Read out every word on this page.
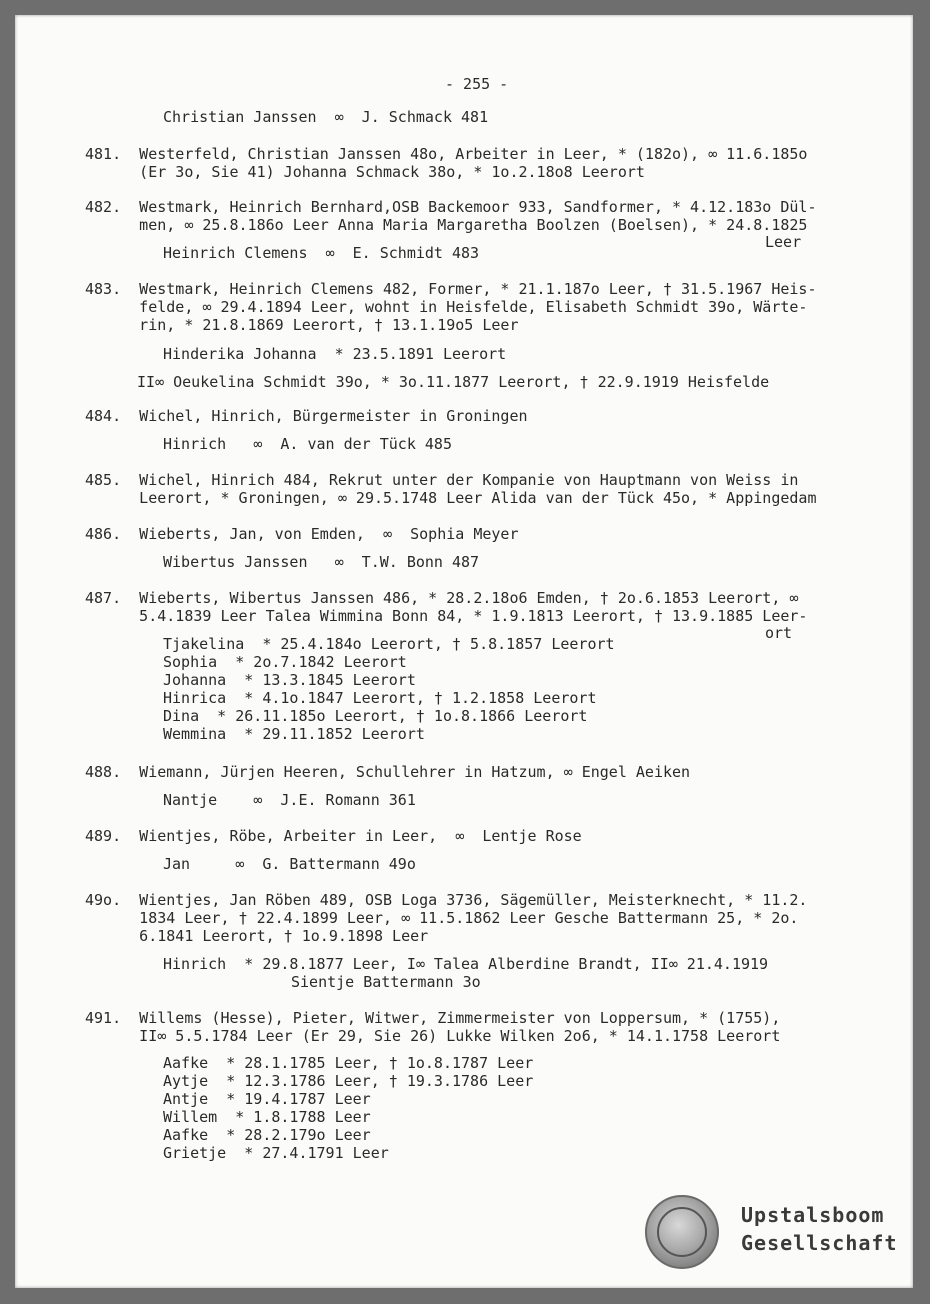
- 255 -
Christian Janssen  ∞  J. Schmack 481
481.  Westerfeld, Christian Janssen 48o, Arbeiter in Leer, * (182o), ∞ 11.6.185o
(Er 3o, Sie 41) Johanna Schmack 38o, * 1o.2.18o8 Leerort
482.  Westmark, Heinrich Bernhard,OSB Backemoor 933, Sandformer, * 4.12.183o Dül-
men, ∞ 25.8.186o Leer Anna Maria Margaretha Boolzen (Boelsen), * 24.8.1825
Leer
Heinrich Clemens  ∞  E. Schmidt 483
483.  Westmark, Heinrich Clemens 482, Former, * 21.1.187o Leer, † 31.5.1967 Heis-
felde, ∞ 29.4.1894 Leer, wohnt in Heisfelde, Elisabeth Schmidt 39o, Wärte-
rin, * 21.8.1869 Leerort, † 13.1.19o5 Leer
Hinderika Johanna  * 23.5.1891 Leerort
II∞ Oeukelina Schmidt 39o, * 3o.11.1877 Leerort, † 22.9.1919 Heisfelde
484.  Wichel, Hinrich, Bürgermeister in Groningen
Hinrich   ∞  A. van der Tück 485
485.  Wichel, Hinrich 484, Rekrut unter der Kompanie von Hauptmann von Weiss in
Leerort, * Groningen, ∞ 29.5.1748 Leer Alida van der Tück 45o, * Appingedam
486.  Wieberts, Jan, von Emden,  ∞  Sophia Meyer
Wibertus Janssen   ∞  T.W. Bonn 487
487.  Wieberts, Wibertus Janssen 486, * 28.2.18o6 Emden, † 2o.6.1853 Leerort, ∞
5.4.1839 Leer Talea Wimmina Bonn 84, * 1.9.1813 Leerort, † 13.9.1885 Leer-
ort
Tjakelina  * 25.4.184o Leerort, † 5.8.1857 Leerort
Sophia  * 2o.7.1842 Leerort
Johanna  * 13.3.1845 Leerort
Hinrica  * 4.1o.1847 Leerort, † 1.2.1858 Leerort
Dina  * 26.11.185o Leerort, † 1o.8.1866 Leerort
Wemmina  * 29.11.1852 Leerort
488.  Wiemann, Jürjen Heeren, Schullehrer in Hatzum, ∞ Engel Aeiken
Nantje    ∞  J.E. Romann 361
489.  Wientjes, Röbe, Arbeiter in Leer,  ∞  Lentje Rose
Jan     ∞  G. Battermann 49o
49o.  Wientjes, Jan Röben 489, OSB Loga 3736, Sägemüller, Meisterknecht, * 11.2.
1834 Leer, † 22.4.1899 Leer, ∞ 11.5.1862 Leer Gesche Battermann 25, * 2o.
6.1841 Leerort, † 1o.9.1898 Leer
Hinrich  * 29.8.1877 Leer, I∞ Talea Alberdine Brandt, II∞ 21.4.1919
Sientje Battermann 3o
491.  Willems (Hesse), Pieter, Witwer, Zimmermeister von Loppersum, * (1755),
II∞ 5.5.1784 Leer (Er 29, Sie 26) Lukke Wilken 2o6, * 14.1.1758 Leerort
Aafke  * 28.1.1785 Leer, † 1o.8.1787 Leer
Aytje  * 12.3.1786 Leer, † 19.3.1786 Leer
Antje  * 19.4.1787 Leer
Willem  * 1.8.1788 Leer
Aafke  * 28.2.179o Leer
Grietje  * 27.4.1791 Leer
Upstalsboom
Gesellschaft
